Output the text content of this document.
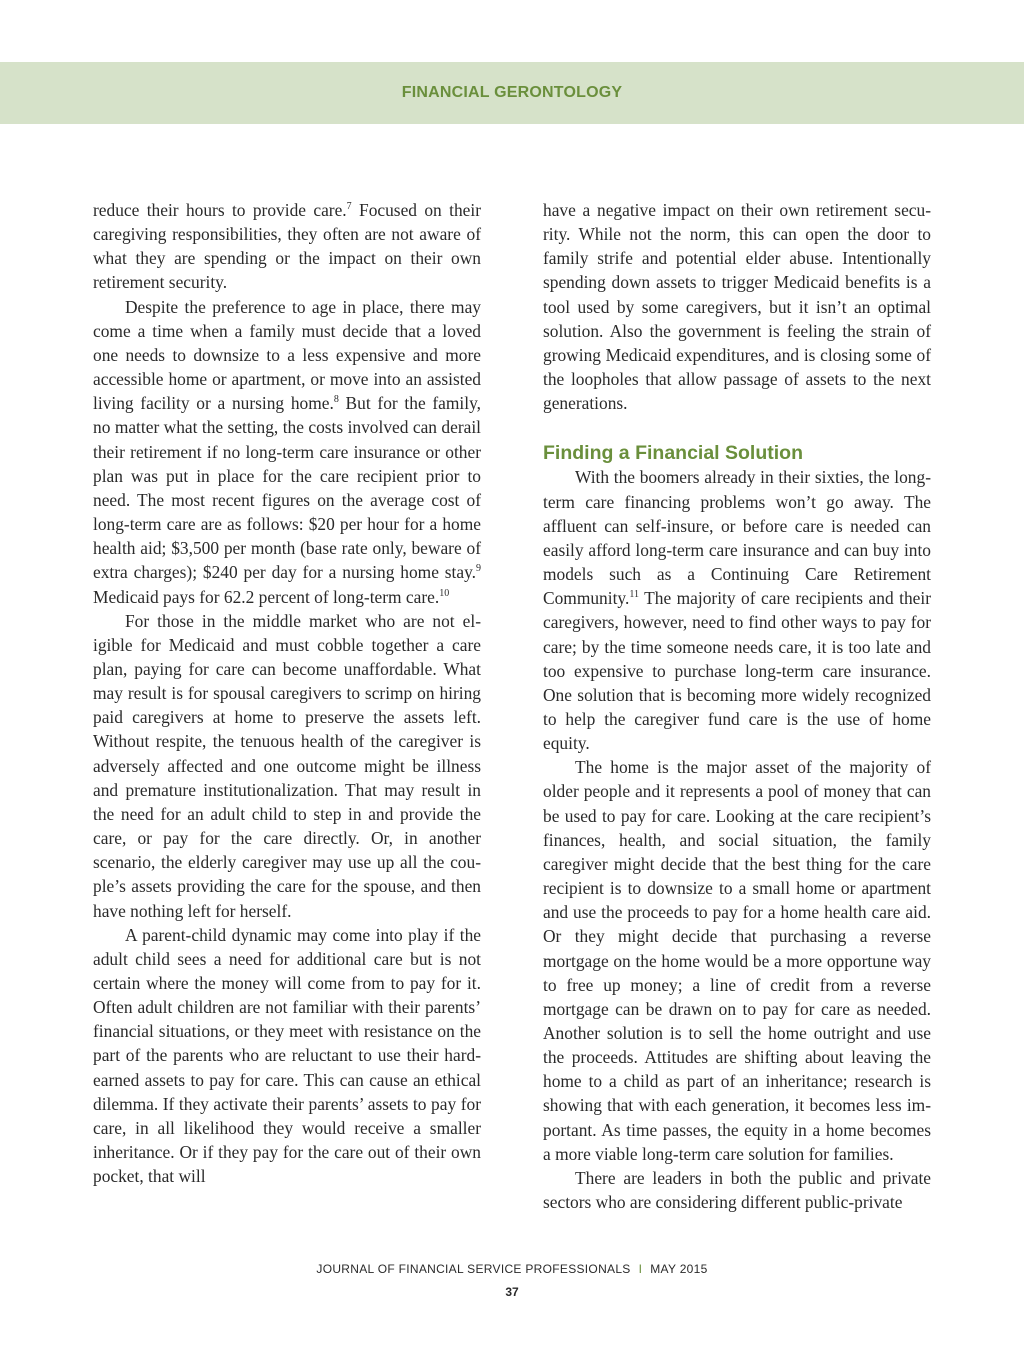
FINANCIAL GERONTOLOGY

reduce their hours to provide care.$^7$ Focused on their caregiving responsibilities, they often are not aware of what they are spending or the impact on their own retirement security.

Despite the preference to age in place, there may come a time when a family must decide that a loved one needs to downsize to a less expensive and more accessible home or apartment, or move into an assisted living facility or a nursing home.$^8$ But for the family, no matter what the setting, the costs involved can derail their retirement if no long-term care insurance or other plan was put in place for the care recipient prior to need. The most recent figures on the average cost of long-term care are as follows: $20 per hour for a home health aid; $3,500 per month (base rate only, beware of extra charges); $240 per day for a nursing home stay.$^9$ Medicaid pays for 62.2 percent of long-term care.$^{10}$

For those in the middle market who are not eligible for Medicaid and must cobble together a care plan, paying for care can become unaffordable. What may result is for spousal caregivers to scrimp on hiring paid caregivers at home to preserve the assets left. Without respite, the tenuous health of the caregiver is adversely affected and one outcome might be illness and premature institutionalization. That may result in the need for an adult child to step in and provide the care, or pay for the care directly. Or, in another scenario, the elderly caregiver may use up all the couple’s assets providing the care for the spouse, and then have nothing left for herself.

A parent-child dynamic may come into play if the adult child sees a need for additional care but is not certain where the money will come from to pay for it. Often adult children are not familiar with their parents’ financial situations, or they meet with resistance on the part of the parents who are reluctant to use their hard-earned assets to pay for care. This can cause an ethical dilemma. If they activate their parents’ assets to pay for care, in all likelihood they would receive a smaller inheritance. Or if they pay for the care out of their own pocket, that will

have a negative impact on their own retirement security. While not the norm, this can open the door to family strife and potential elder abuse. Intentionally spending down assets to trigger Medicaid benefits is a tool used by some caregivers, but it isn’t an optimal solution. Also the government is feeling the strain of growing Medicaid expenditures, and is closing some of the loopholes that allow passage of assets to the next generations.

Finding a Financial Solution

With the boomers already in their sixties, the long-term care financing problems won’t go away. The affluent can self-insure, or before care is needed can easily afford long-term care insurance and can buy into models such as a Continuing Care Retirement Community.$^{11}$ The majority of care recipients and their caregivers, however, need to find other ways to pay for care; by the time someone needs care, it is too late and too expensive to purchase long-term care insurance. One solution that is becoming more widely recognized to help the caregiver fund care is the use of home equity.

The home is the major asset of the majority of older people and it represents a pool of money that can be used to pay for care. Looking at the care recipient’s finances, health, and social situation, the family caregiver might decide that the best thing for the care recipient is to downsize to a small home or apartment and use the proceeds to pay for a home health care aid. Or they might decide that purchasing a reverse mortgage on the home would be a more opportune way to free up money; a line of credit from a reverse mortgage can be drawn on to pay for care as needed. Another solution is to sell the home outright and use the proceeds. Attitudes are shifting about leaving the home to a child as part of an inheritance; research is showing that with each generation, it becomes less important. As time passes, the equity in a home becomes a more viable long-term care solution for families.

There are leaders in both the public and private sectors who are considering different public-private

JOURNAL OF FINANCIAL SERVICE PROFESSIONALS I MAY 2015
37
